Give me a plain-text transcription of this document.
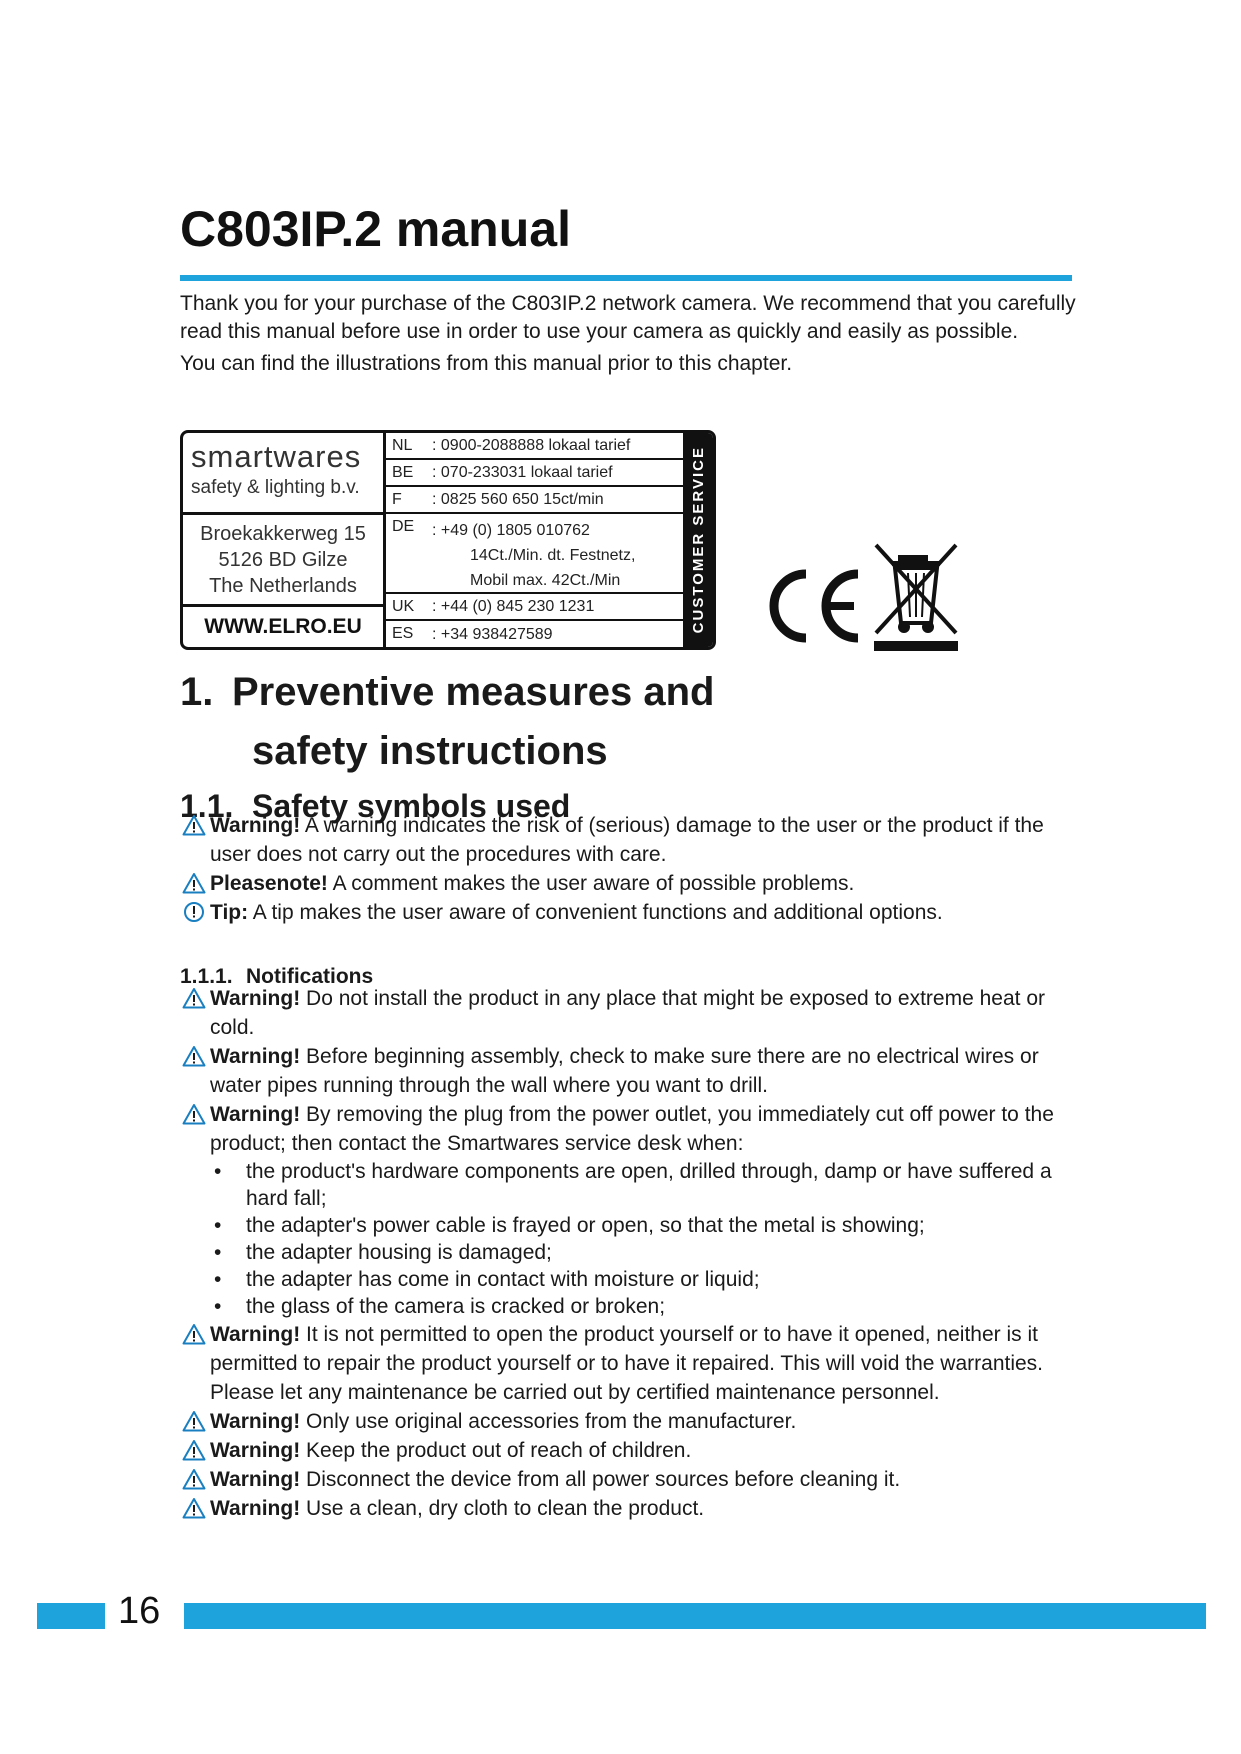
C803IP.2 manual

Thank you for your purchase of the C803IP.2 network camera. We recommend that you carefully read this manual before use in order to use your camera as quickly and easily as possible.

You can find the illustrations from this manual prior to this chapter.

smartwares
safety & lighting b.v.
Broekakkerweg 15
5126 BD Gilze
The Netherlands
WWW.ELRO.EU
NL	: 0900-2088888 lokaal tarief
BE	: 070-233031 lokaal tarief
F	: 0825 560 650 15ct/min
DE	: +49 (0) 1805 010762
14Ct./Min. dt. Festnetz,
Mobil max. 42Ct./Min
UK	: +44 (0) 845 230 1231
ES	: +34 938427589
CUSTOMER SERVICE
1. Preventive measures and
safety instructions
1.1. Safety symbols used

Warning! A warning indicates the risk of (serious) damage to the user or the product if the user does not carry out the procedures with care.

Pleasenote! A comment makes the user aware of possible problems.

Tip: A tip makes the user aware of convenient functions and additional options.

1.1.1. Notifications

Warning! Do not install the product in any place that might be exposed to extreme heat or cold.

Warning! Before beginning assembly, check to make sure there are no electrical wires or water pipes running through the wall where you want to drill.

Warning! By removing the plug from the power outlet, you immediately cut off power to the product; then contact the Smartwares service desk when:

• the product's hardware components are open, drilled through, damp or have suffered a hard fall;
• the adapter's power cable is frayed or open, so that the metal is showing;
• the adapter housing is damaged;
• the adapter has come in contact with moisture or liquid;
• the glass of the camera is cracked or broken;

Warning! It is not permitted to open the product yourself or to have it opened, neither is it permitted to repair the product yourself or to have it repaired. This will void the warranties. Please let any maintenance be carried out by certified maintenance personnel.

Warning! Only use original accessories from the manufacturer.

Warning! Keep the product out of reach of children.

Warning! Disconnect the device from all power sources before cleaning it.

Warning! Use a clean, dry cloth to clean the product.

16
